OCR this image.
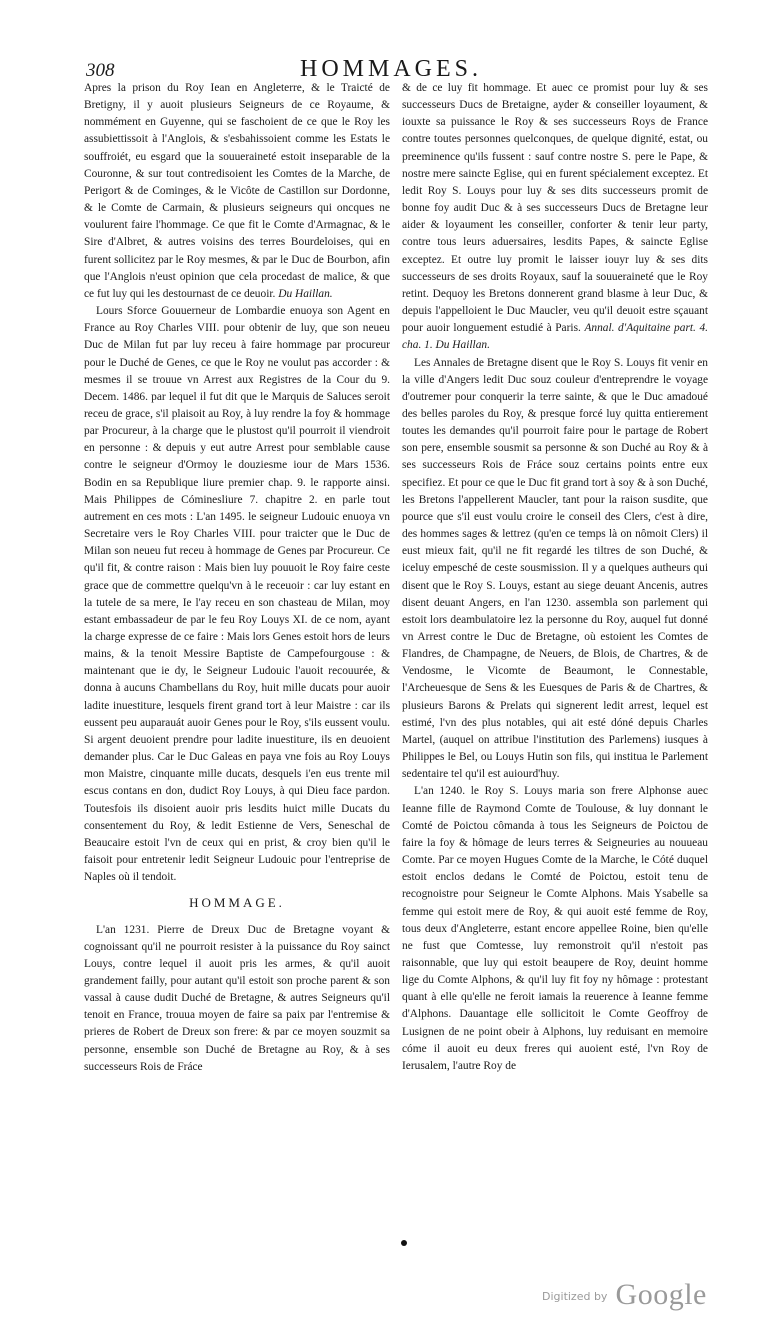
308	HOMMAGES.

Apres la prison du Roy Iean en Angleterre, & le Traicté de Bretigny, il y auoit plusieurs Seigneurs de ce Royaume, & nommément en Guyenne, qui se faschoient de ce que le Roy les assubiettissoit à l'Anglois, & s'esbahissoient comme les Estats le souffroiét, eu esgard que la souueraineté estoit inseparable de la Couronne, & sur tout contredisoient les Comtes de la Marche, de Perigort & de Cominges, & le Vicôte de Castillon sur Dordonne, & le Comte de Carmain, & plusieurs seigneurs qui oncques ne voulurent faire l'hommage. Ce que fit le Comte d'Armagnac, & le Sire d'Albret, & autres voisins des terres Bourdeloises, qui en furent sollicitez par le Roy mesmes, & par le Duc de Bourbon, afin que l'Anglois n'eust opinion que cela procedast de malice, & que ce fut luy qui les destournast de ce deuoir. Du Haillan.

Lours Sforce Gouuerneur de Lombardie enuoya son Agent en France au Roy Charles VIII. pour obtenir de luy, que son neueu Duc de Milan fut par luy receu à faire hommage par procureur pour le Duché de Genes, ce que le Roy ne voulut pas accorder : & mesmes il se trouue vn Arrest aux Registres de la Cour du 9. Decem. 1486. par lequel il fut dit que le Marquis de Saluces seroit receu de grace, s'il plaisoit au Roy, à luy rendre la foy & hommage par Procureur, à la charge que le plustost qu'il pourroit il viendroit en personne : & depuis y eut autre Arrest pour semblable cause contre le seigneur d'Ormoy le douziesme iour de Mars 1536. Bodin en sa Republique liure premier chap. 9. le rapporte ainsi. Mais Philippes de Cóminesliure 7. chapitre 2. en parle tout autrement en ces mots : L'an 1495. le seigneur Ludouic enuoya vn Secretaire vers le Roy Charles VIII. pour traicter que le Duc de Milan son neueu fut receu à hommage de Genes par Procureur. Ce qu'il fit, & contre raison : Mais bien luy pouuoit le Roy faire ceste grace que de commettre quelqu'vn à le receuoir : car luy estant en la tutele de sa mere, Ie l'ay receu en son chasteau de Milan, moy estant embassadeur de par le feu Roy Louys XI. de ce nom, ayant la charge expresse de ce faire : Mais lors Genes estoit hors de leurs mains, & la tenoit Messire Baptiste de Campefourgouse : & maintenant que ie dy, le Seigneur Ludouic l'auoit recouurée, & donna à aucuns Chambellans du Roy, huit mille ducats pour auoir ladite inuestiture, lesquels firent grand tort à leur Maistre : car ils eussent peu auparauát auoir Genes pour le Roy, s'ils eussent voulu. Si argent deuoient prendre pour ladite inuestiture, ils en deuoient demander plus. Car le Duc Galeas en paya vne fois au Roy Louys mon Maistre, cinquante mille ducats, desquels i'en eus trente mil escus contans en don, dudict Roy Louys, à qui Dieu face pardon. Toutesfois ils disoient auoir pris lesdits huict mille Ducats du consentement du Roy, & ledit Estienne de Vers, Seneschal de Beaucaire estoit l'vn de ceux qui en prist, & croy bien qu'il le faisoit pour entretenir ledit Seigneur Ludouic pour l'entreprise de Naples où il tendoit.

HOMMAGE.

L'an 1231. Pierre de Dreux Duc de Bretagne voyant & cognoissant qu'il ne pourroit resister à la puissance du Roy sainct Louys, contre lequel il auoit pris les armes, & qu'il auoit grandement failly, pour autant qu'il estoit son proche parent & son vassal à cause dudit Duché de Bretagne, & autres Seigneurs qu'il tenoit en France, trouua moyen de faire sa paix par l'entremise & prieres de Robert de Dreux son frere: & par ce moyen souzmit sa personne, ensemble son Duché de Bretagne au Roy, & à ses successeurs Rois de Fráce

& de ce luy fit hommage. Et auec ce promist pour luy & ses successeurs Ducs de Bretaigne, ayder & conseiller loyaument, & iouxte sa puissance le Roy & ses successeurs Roys de France contre toutes personnes quelconques, de quelque dignité, estat, ou preeminence qu'ils fussent : sauf contre nostre S. pere le Pape, & nostre mere saincte Eglise, qui en furent spécialement exceptez. Et ledit Roy S. Louys pour luy & ses dits successeurs promit de bonne foy audit Duc & à ses successeurs Ducs de Bretagne leur aider & loyaument les conseiller, conforter & tenir leur party, contre tous leurs aduersaires, lesdits Papes, & saincte Eglise exceptez. Et outre luy promit le laisser iouyr luy & ses dits successeurs de ses droits Royaux, sauf la souueraineté que le Roy retint. Dequoy les Bretons donnerent grand blasme à leur Duc, & depuis l'appelloient le Duc Maucler, veu qu'il deuoit estre sçauant pour auoir longuement estudié à Paris. Annal. d'Aquitaine part. 4. cha. 1. Du Haillan.

Les Annales de Bretagne disent que le Roy S. Louys fit venir en la ville d'Angers ledit Duc souz couleur d'entreprendre le voyage d'outremer pour conquerir la terre sainte, & que le Duc amadoué des belles paroles du Roy, & presque forcé luy quitta entierement toutes les demandes qu'il pourroit faire pour le partage de Robert son pere, ensemble sousmit sa personne & son Duché au Roy & à ses successeurs Rois de Fráce souz certains points entre eux specifiez. Et pour ce que le Duc fit grand tort à soy & à son Duché, les Bretons l'appellerent Maucler, tant pour la raison susdite, que pource que s'il eust voulu croire le conseil des Clers, c'est à dire, des hommes sages & lettrez (qu'en ce temps là on nômoit Clers) il eust mieux fait, qu'il ne fit regardé les tiltres de son Duché, & iceluy empesché de ceste sousmission. Il y a quelques autheurs qui disent que le Roy S. Louys, estant au siege deuant Ancenis, autres disent deuant Angers, en l'an 1230. assembla son parlement qui estoit lors deambulatoire lez la personne du Roy, auquel fut donné vn Arrest contre le Duc de Bretagne, où estoient les Comtes de Flandres, de Champagne, de Neuers, de Blois, de Chartres, & de Vendosme, le Vicomte de Beaumont, le Connestable, l'Archeuesque de Sens & les Euesques de Paris & de Chartres, & plusieurs Barons & Prelats qui signerent ledit arrest, lequel est estimé, l'vn des plus notables, qui ait esté dóné depuis Charles Martel, (auquel on attribue l'institution des Parlemens) iusques à Philippes le Bel, ou Louys Hutin son fils, qui institua le Parlement sedentaire tel qu'il est auiourd'huy.

L'an 1240. le Roy S. Louys maria son frere Alphonse auec Ieanne fille de Raymond Comte de Toulouse, & luy donnant le Comté de Poictou cômanda à tous les Seigneurs de Poictou de faire la foy & hômage de leurs terres & Seigneuries au nouueau Comte. Par ce moyen Hugues Comte de la Marche, le Cóté duquel estoit enclos dedans le Comté de Poictou, estoit tenu de recognoistre pour Seigneur le Comte Alphons. Mais Ysabelle sa femme qui estoit mere de Roy, & qui auoit esté femme de Roy, tous deux d'Angleterre, estant encore appellee Roine, bien qu'elle ne fust que Comtesse, luy remonstroit qu'il n'estoit pas raisonnable, que luy qui estoit beaupere de Roy, deuint homme lige du Comte Alphons, & qu'il luy fit foy ny hômage : protestant quant à elle qu'elle ne feroit iamais la reuerence à Ieanne femme d'Alphons. Dauantage elle sollicitoit le Comte Geoffroy de Lusignen de ne point obeir à Alphons, luy reduisant en memoire cóme il auoit eu deux freres qui auoient esté, l'vn Roy de Ierusalem, l'autre Roy de

$^{Digitized by}$ Google
